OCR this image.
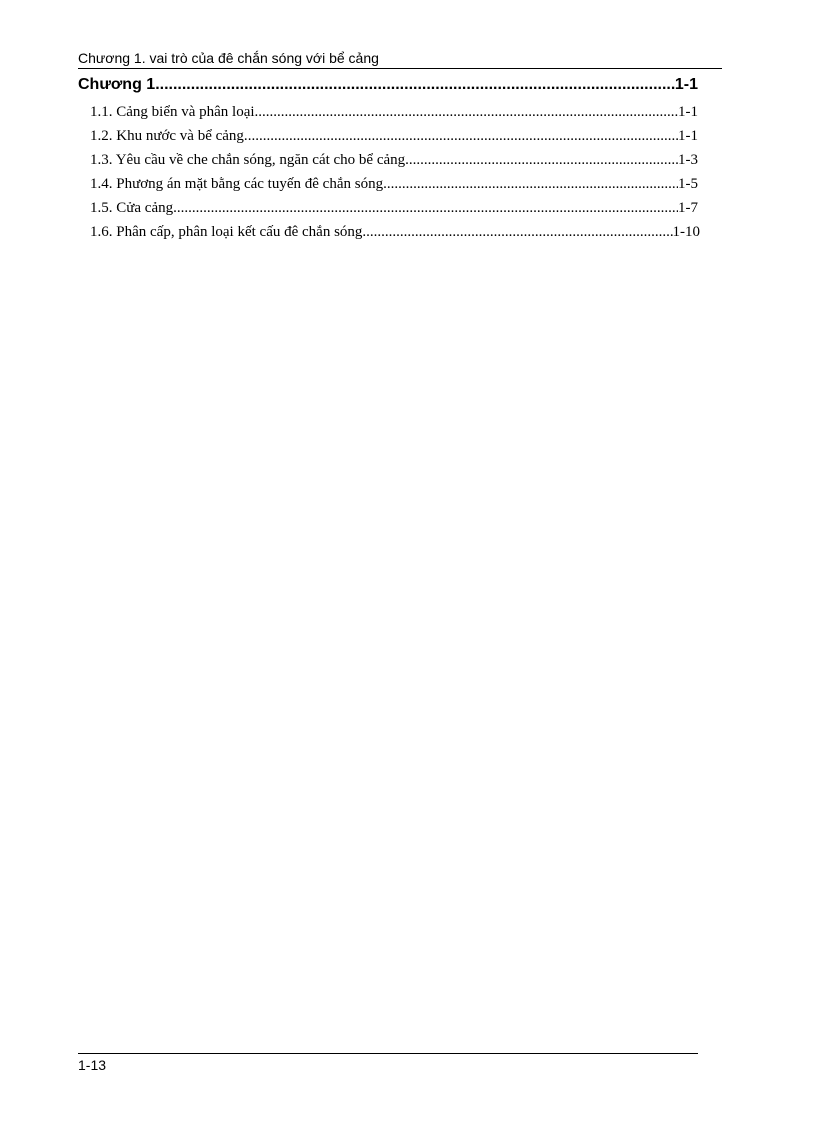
Chương 1. vai trò của đê chắn sóng với bể cảng
Chương 1 .....	1-1
1.1. Cảng biển và phân loại. .....	1-1
1.2. Khu nước và bể cảng. .....	1-1
1.3. Yêu cầu về che chắn sóng, ngăn cát cho bể cảng .....	1-3
1.4. Phương án mặt bằng các tuyến đê chắn sóng .....	1-5
1.5. Cửa cảng. .....	1-7
1.6. Phân cấp, phân loại kết cấu đê chắn sóng. .....	1-10
1-13
